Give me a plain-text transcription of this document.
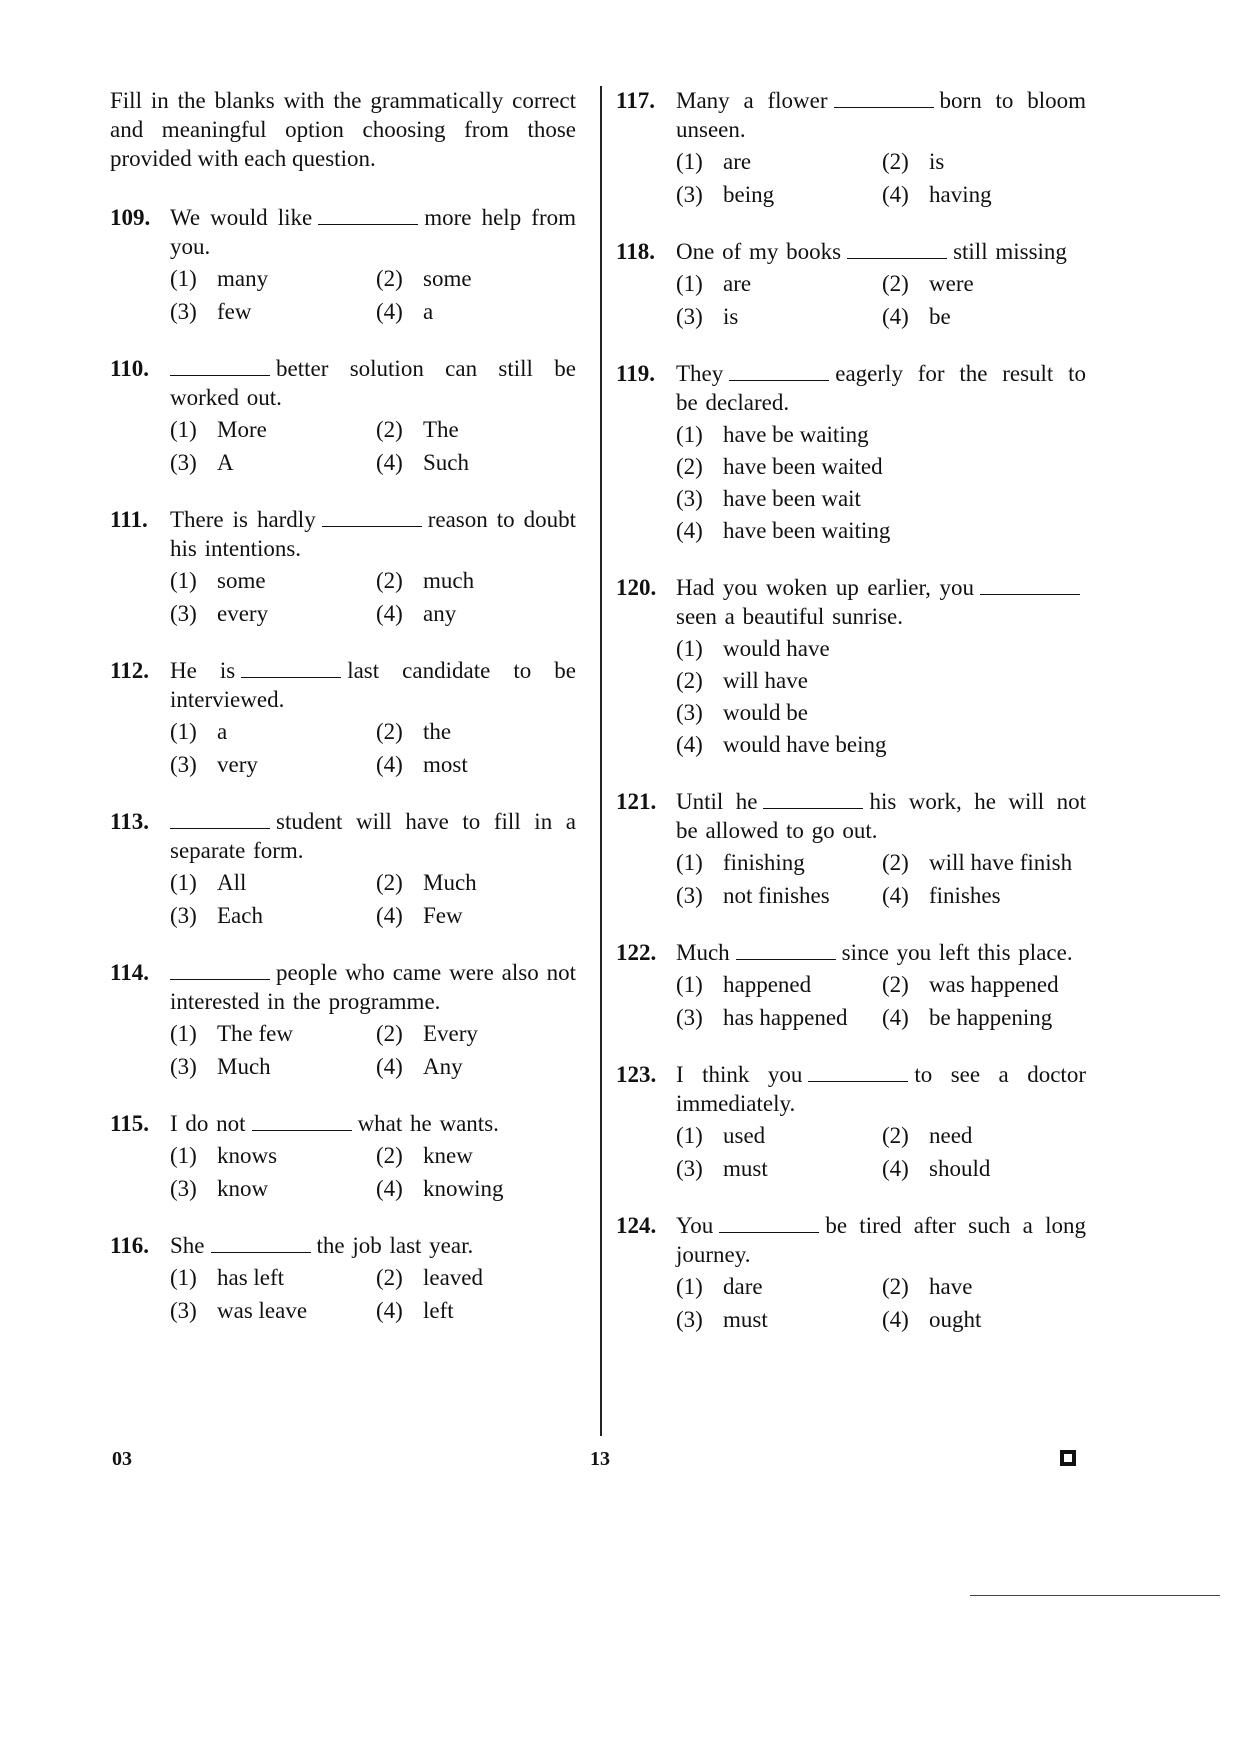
Fill in the blanks with the grammatically correct and meaningful option choosing from those provided with each question.

109. We would like	more help from you.
(1) many	(2) some
(3) few	(4) a
110.	better solution can still be worked out.
(1) More	(2) The
(3) A	(4) Such
111. There is hardly	reason to doubt his intentions.
(1) some	(2) much
(3) every	(4) any
112. He is	last candidate to be interviewed.
(1) a	(2) the
(3) very	(4) most
113.	student will have to fill in a separate form.
(1) All	(2) Much
(3) Each	(4) Few
114.	people who came were also not interested in the programme.
(1) The few	(2) Every
(3) Much	(4) Any
115. I do not	what he wants.
(1) knows	(2) knew
(3) know	(4) knowing
116. She	the job last year.
(1) has left	(2) leaved
(3) was leave	(4) left
117. Many a flower	born to bloom unseen.
(1) are	(2) is
(3) being	(4) having
118. One of my books	still missing
(1) are	(2) were
(3) is	(4) be
119. They	eagerly for the result to be declared.
(1) have be waiting
(2) have been waited
(3) have been wait
(4) have been waiting
120. Had you woken up earlier, youseen a beautiful sunrise.
(1) would have
(2) will have
(3) would be
(4) would have being
121. Until he	his work, he will not be allowed to go out.
(1) finishing	(2) will have finish
(3) not finishes (4) finishes
122. Much	since you left this place.
(1) happened	(2) was happened
(3) has happened (4) be happening
123. I think you	to see a doctor immediately.
(1) used	(2) need
(3) must	(4) should
124. You	be tired after such a long journey.
(1) dare	(2) have
(3) must	(4) ought
03	13
